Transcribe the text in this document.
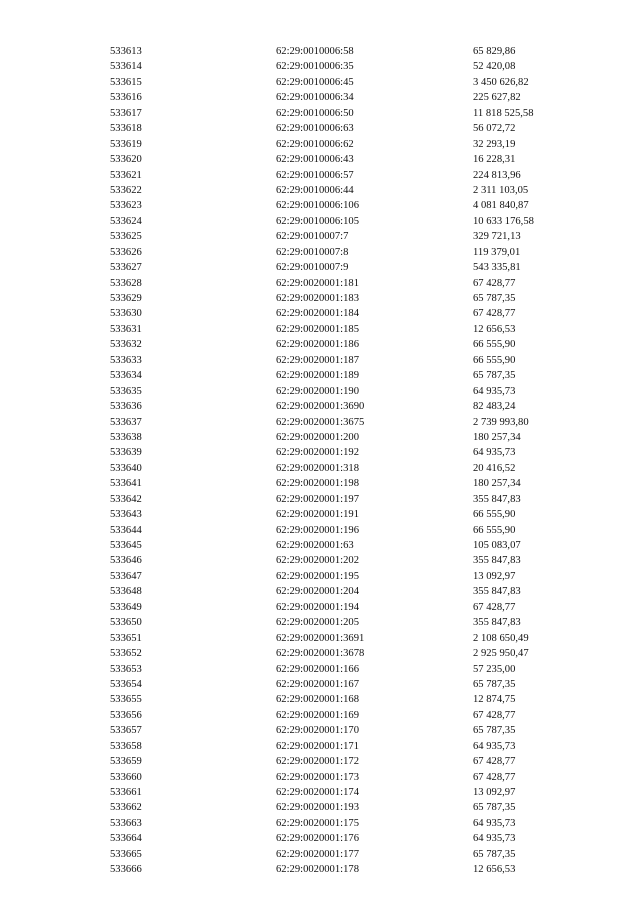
533613	62:29:0010006:58	65 829,86
533614	62:29:0010006:35	52 420,08
533615	62:29:0010006:45	3 450 626,82
533616	62:29:0010006:34	225 627,82
533617	62:29:0010006:50	11 818 525,58
533618	62:29:0010006:63	56 072,72
533619	62:29:0010006:62	32 293,19
533620	62:29:0010006:43	16 228,31
533621	62:29:0010006:57	224 813,96
533622	62:29:0010006:44	2 311 103,05
533623	62:29:0010006:106	4 081 840,87
533624	62:29:0010006:105	10 633 176,58
533625	62:29:0010007:7	329 721,13
533626	62:29:0010007:8	119 379,01
533627	62:29:0010007:9	543 335,81
533628	62:29:0020001:181	67 428,77
533629	62:29:0020001:183	65 787,35
533630	62:29:0020001:184	67 428,77
533631	62:29:0020001:185	12 656,53
533632	62:29:0020001:186	66 555,90
533633	62:29:0020001:187	66 555,90
533634	62:29:0020001:189	65 787,35
533635	62:29:0020001:190	64 935,73
533636	62:29:0020001:3690	82 483,24
533637	62:29:0020001:3675	2 739 993,80
533638	62:29:0020001:200	180 257,34
533639	62:29:0020001:192	64 935,73
533640	62:29:0020001:318	20 416,52
533641	62:29:0020001:198	180 257,34
533642	62:29:0020001:197	355 847,83
533643	62:29:0020001:191	66 555,90
533644	62:29:0020001:196	66 555,90
533645	62:29:0020001:63	105 083,07
533646	62:29:0020001:202	355 847,83
533647	62:29:0020001:195	13 092,97
533648	62:29:0020001:204	355 847,83
533649	62:29:0020001:194	67 428,77
533650	62:29:0020001:205	355 847,83
533651	62:29:0020001:3691	2 108 650,49
533652	62:29:0020001:3678	2 925 950,47
533653	62:29:0020001:166	57 235,00
533654	62:29:0020001:167	65 787,35
533655	62:29:0020001:168	12 874,75
533656	62:29:0020001:169	67 428,77
533657	62:29:0020001:170	65 787,35
533658	62:29:0020001:171	64 935,73
533659	62:29:0020001:172	67 428,77
533660	62:29:0020001:173	67 428,77
533661	62:29:0020001:174	13 092,97
533662	62:29:0020001:193	65 787,35
533663	62:29:0020001:175	64 935,73
533664	62:29:0020001:176	64 935,73
533665	62:29:0020001:177	65 787,35
533666	62:29:0020001:178	12 656,53
